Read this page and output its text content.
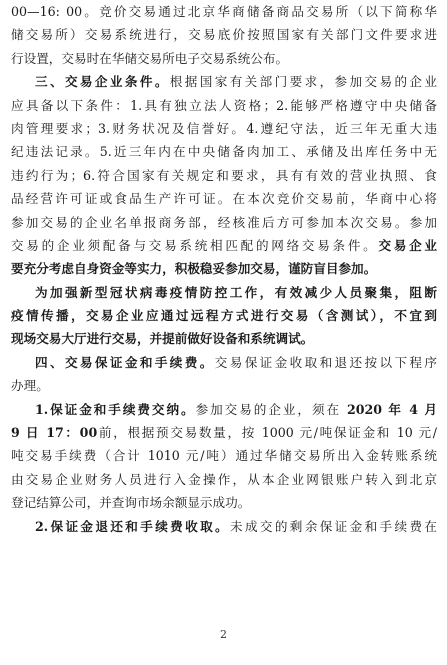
00—16: 00。竞价交易通过北京华商储备商品交易所（以下简称华
储交易所）交易系统进行，交易底价按照国家有关部门文件要求进
行设置，交易时在华储交易所电子交易系统公布。
三、交易企业条件。根据国家有关部门要求，参加交易的企业
应具备以下条件：1.具有独立法人资格；2.能够严格遵守中央储备
肉管理要求；3.财务状况及信誉好。4.遵纪守法，近三年无重大违
纪违法记录。5.近三年内在中央储备肉加工、承储及出库任务中无
违约行为；6.符合国家有关规定和要求，具有有效的营业执照、食
品经营许可证或食品生产许可证。在本次竞价交易前，华商中心将
参加交易的企业名单报商务部，经核准后方可参加本次交易。参加
交易的企业须配备与交易系统相匹配的网络交易条件。交易企业
要充分考虑自身资金等实力，积极稳妥参加交易，谨防盲目参加。
为加强新型冠状病毒疫情防控工作，有效减少人员聚集，阻断
疫情传播，交易企业应通过远程方式进行交易（含测试），不宜到
现场交易大厅进行交易，并提前做好设备和系统调试。
四、交易保证金和手续费。交易保证金收取和退还按以下程序
办理。
1.保证金和手续费交纳。参加交易的企业，须在 2020 年 4 月
9 日 17：00前，根据预交易数量，按 1000 元/吨保证金和 10 元/
吨交易手续费（合计 1010 元/吨）通过华储交易所出入金转账系统
由交易企业财务人员进行入金操作，从本企业网银账户转入到北京
登记结算公司，并查询市场余额显示成功。
2.保证金退还和手续费收取。未成交的剩余保证金和手续费在
2
